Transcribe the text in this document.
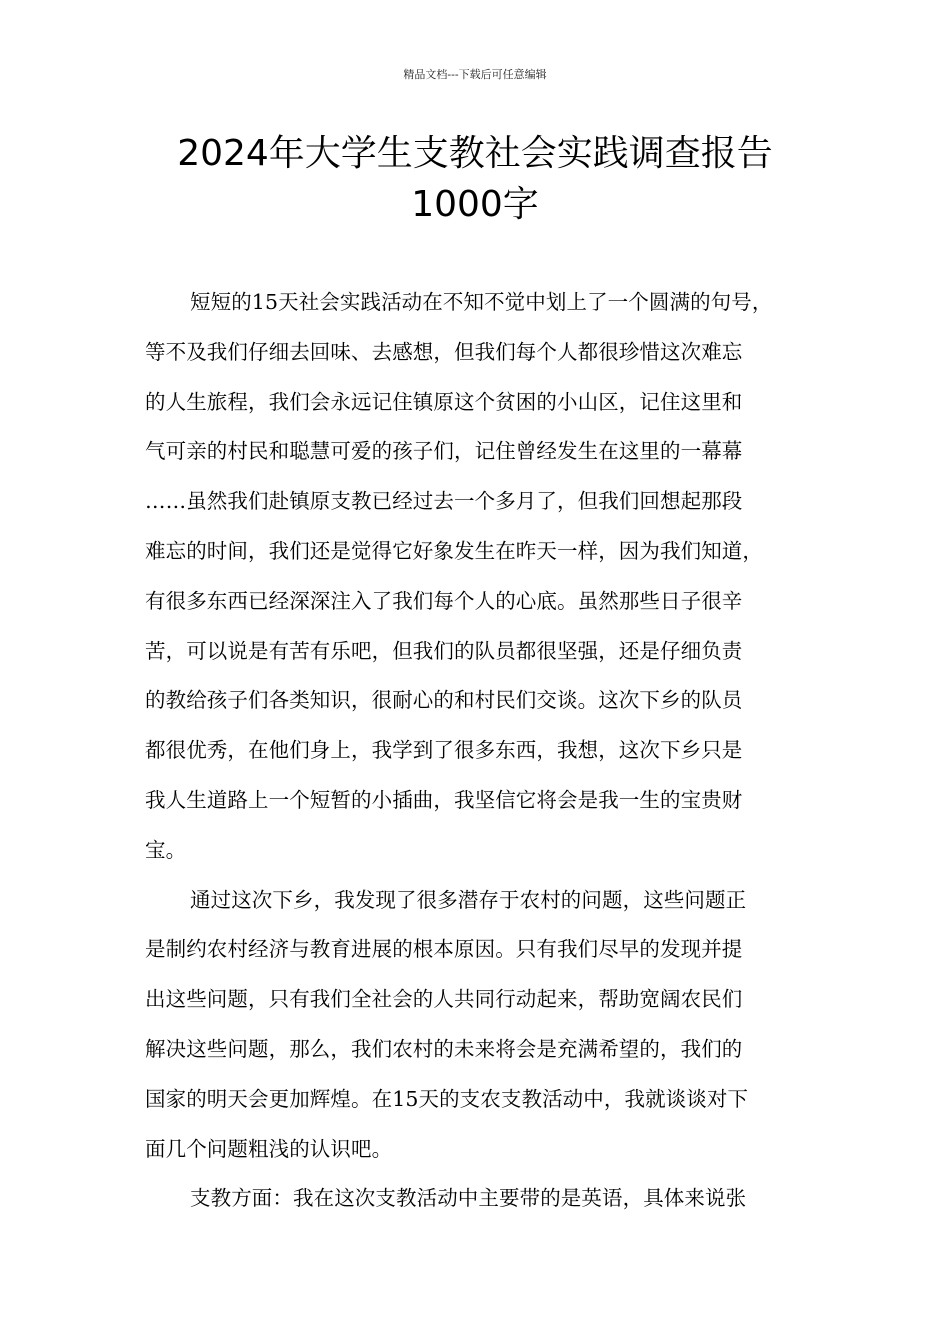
精品文档---下载后可任意编辑
2024年大学生支教社会实践调查报告
1000字
短短的15天社会实践活动在不知不觉中划上了一个圆满的句号，
等不及我们仔细去回味、去感想，但我们每个人都很珍惜这次难忘
的人生旅程，我们会永远记住镇原这个贫困的小山区，记住这里和
气可亲的村民和聪慧可爱的孩子们，记住曾经发生在这里的一幕幕
……虽然我们赴镇原支教已经过去一个多月了，但我们回想起那段
难忘的时间，我们还是觉得它好象发生在昨天一样，因为我们知道，
有很多东西已经深深注入了我们每个人的心底。虽然那些日子很辛
苦，可以说是有苦有乐吧，但我们的队员都很坚强，还是仔细负责
的教给孩子们各类知识，很耐心的和村民们交谈。这次下乡的队员
都很优秀，在他们身上，我学到了很多东西，我想，这次下乡只是
我人生道路上一个短暂的小插曲，我坚信它将会是我一生的宝贵财
宝。
通过这次下乡，我发现了很多潜存于农村的问题，这些问题正
是制约农村经济与教育进展的根本原因。只有我们尽早的发现并提
出这些问题，只有我们全社会的人共同行动起来，帮助宽阔农民们
解决这些问题，那么，我们农村的未来将会是充满希望的，我们的
国家的明天会更加辉煌。在15天的支农支教活动中，我就谈谈对下
面几个问题粗浅的认识吧。
支教方面：我在这次支教活动中主要带的是英语，具体来说张
